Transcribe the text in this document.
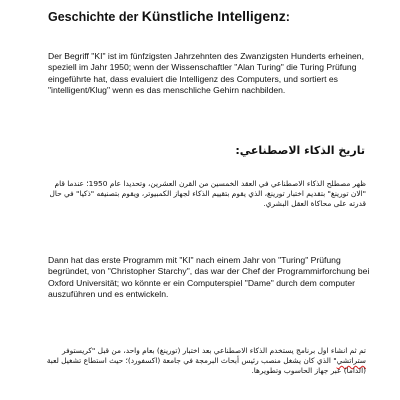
Geschichte der Künstliche Intelligenz:
Der Begriff "KI" ist im fünfzigsten Jahrzehnten des Zwanzigsten Hunderts erheinen, speziell im Jahr 1950; wenn der Wissenschaftler "Alan Turing" die Turing Prüfung eingeführte hat, dass evaluiert die Intelligenz des Computers, und sortiert es "intelligent/Klug" wenn es das menschliche Gehirn nachbilden.
تاريخ الذكاء الاصطناعي:
ظهر مصطلح الذكاء الاصطناعي في العقد الخمسين من القرن العشرين، وتحديدا عام 1950؛ عندما قام "الان تورينغ" بتقديم اختبار تورينغ، الذي يقوم بتقييم الذكاء لجهاز الكمبيوتر، ويقوم بتصنيفه "ذكيا" في حال قدرته على محاكاة العقل البشري.
Dann hat das erste Programm mit "KI" nach einem Jahr von "Turing" Prüfung begründet, von "Christopher Starchy", das war der Chef der Programmirforchung bei Oxford Universität; wo könnte er ein Computerspiel "Dame" durch dem computer auszuführen und es entwickeln.
تم ثم انشاء اول برنامج يستخدم الذكاء الاصطناعي بعد اختبار (تورينغ) بعام واحد، من قبل "كريستوفر ستراتشي" الذي كان يشغل منصب رئيس أبحاث البرمجة في جامعة (اكسفورد)؛ حيث استطاع تشغيل لعبة (الداما) عبر جهاز الحاسوب وتطويرها.
